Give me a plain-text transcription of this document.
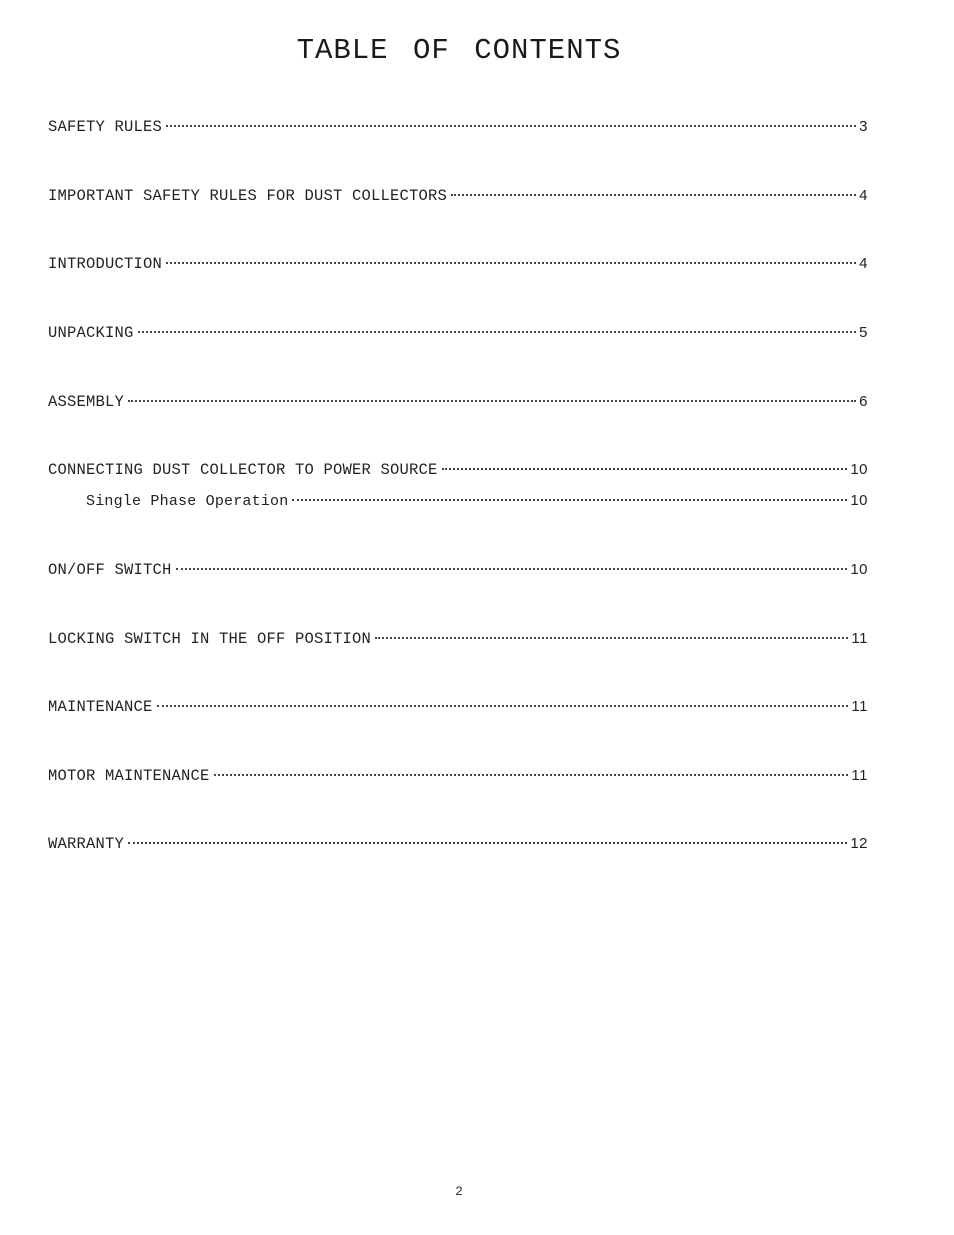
TABLE OF CONTENTS
SAFETY RULES	3
IMPORTANT SAFETY RULES FOR DUST COLLECTORS	4
INTRODUCTION	4
UNPACKING	5
ASSEMBLY	6
CONNECTING DUST COLLECTOR TO POWER SOURCE	10
Single Phase Operation	10
ON/OFF SWITCH	10
LOCKING SWITCH IN THE OFF POSITION	11
MAINTENANCE	11
MOTOR MAINTENANCE	11
WARRANTY	12
2
